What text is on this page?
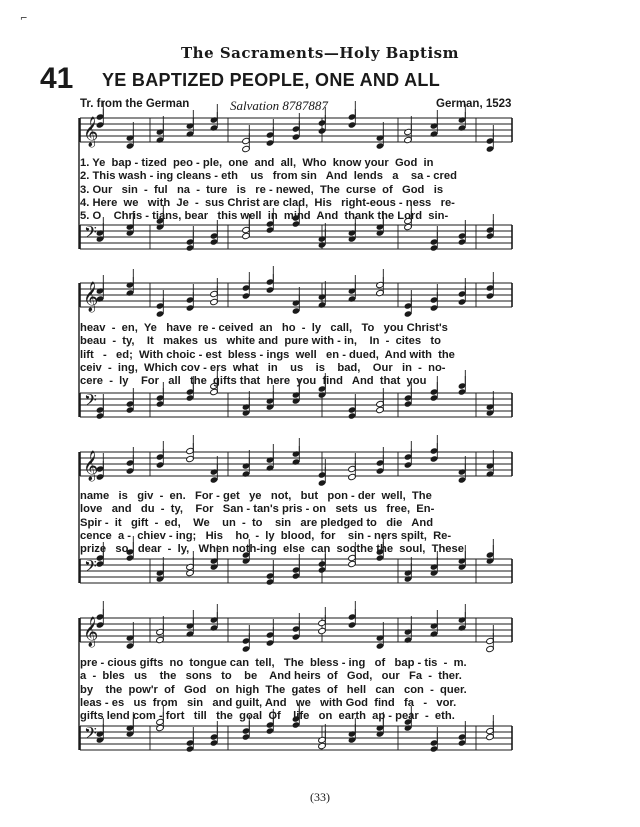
𝄞
𝄢
𝄞
𝄢
𝄞
𝄢
𝄞
𝄢
⌐
The Sacraments—Holy Baptism
41 YE BAPTIZED PEOPLE, ONE AND ALL
Tr. from the German	Salvation 8787887	German, 1523
1. Ye  bap - tized  peo - ple,  one  and  all,  Who  know your  God  in
2. This wash - ing cleans - eth    us   from sin   And  lends   a    sa - cred
3. Our   sin  -  ful   na  -  ture   is   re - newed,  The  curse  of   God   is
4. Here  we   with  Je  -  sus Christ are clad,  His   right-eous - ness   re-
5. O    Chris - tians, bear   this well  in  mind  And  thank the Lord  sin-
heav  -  en,  Ye   have  re - ceived  an   ho  -  ly   call,   To   you Christ's
beau  -  ty,    It   makes  us   white and  pure with - in,    In  -  cites   to
lift   -   ed;  With choic - est  bless - ings  well   en - dued,  And with  the
ceiv  -  ing,  Which cov - ers  what   in    us    is    bad,    Our   in  -  no-
cere  -  ly    For   all   the  gifts that  here  you  find   And  that  you
name   is   giv  -  en.   For - get   ye   not,   but   pon - der  well,  The
love   and   du  -  ty,    For   San - tan's pris - on   sets  us   free,  En-
Spir -  it   gift  -  ed,    We    un  -  to    sin   are pledged to   die   And
cence  a -  chiev - ing;   His    ho  -  ly  blood,  for    sin - ners spilt,  Re-
prize   so   dear  -  ly,   When noth-ing  else  can  soothe the  soul,  These
pre - cious gifts  no  tongue can  tell,   The  bless - ing   of   bap - tis  -  m.
a  -  bles   us    the   sons   to    be    And heirs  of   God,   our   Fa  -  ther.
by    the  pow'r  of   God   on  high  The  gates  of   hell   can   con  -  quer.
leas - es   us  from   sin   and guilt, And   we   with God  find   fa   -   vor.
gifts lend com - fort   till   the  goal  Of    life   on  earth  ap - pear  -  eth.
(33)
